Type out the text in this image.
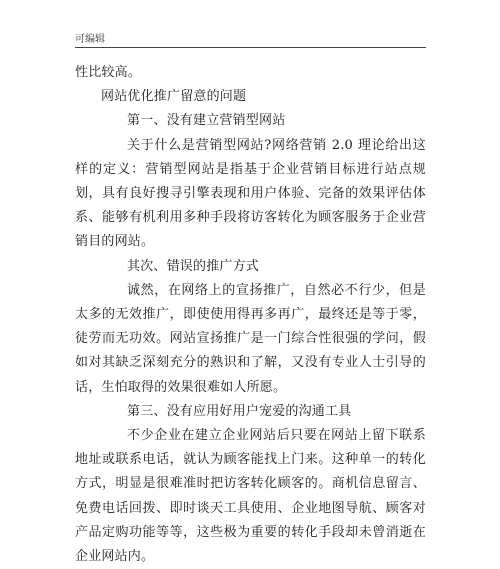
可编辑

性比较高。

网站优化推广留意的问题

第一、没有建立营销型网站

关于什么是营销型网站?网络营销 2.0 理论给出这样的定义：营销型网站是指基于企业营销目标进行站点规划，具有良好搜寻引擎表现和用户体验、完备的效果评估体系、能够有机利用多种手段将访客转化为顾客服务于企业营销目的网站。

其次、错误的推广方式

诚然，在网络上的宣扬推广，自然必不行少，但是太多的无效推广，即使使用得再多再广，最终还是等于零，徒劳而无功效。网站宣扬推广是一门综合性很强的学问，假如对其缺乏深刻充分的熟识和了解，又没有专业人士引导的话，生怕取得的效果很难如人所愿。

第三、没有应用好用户宠爱的沟通工具

不少企业在建立企业网站后只要在网站上留下联系地址或联系电话，就认为顾客能找上门来。这种单一的转化方式，明显是很难准时把访客转化顾客的。商机信息留言、免费电话回拨、即时谈天工具使用、企业地图导航、顾客对产品定购功能等等，这些极为重要的转化手段却未曾消逝在企业网站内。
